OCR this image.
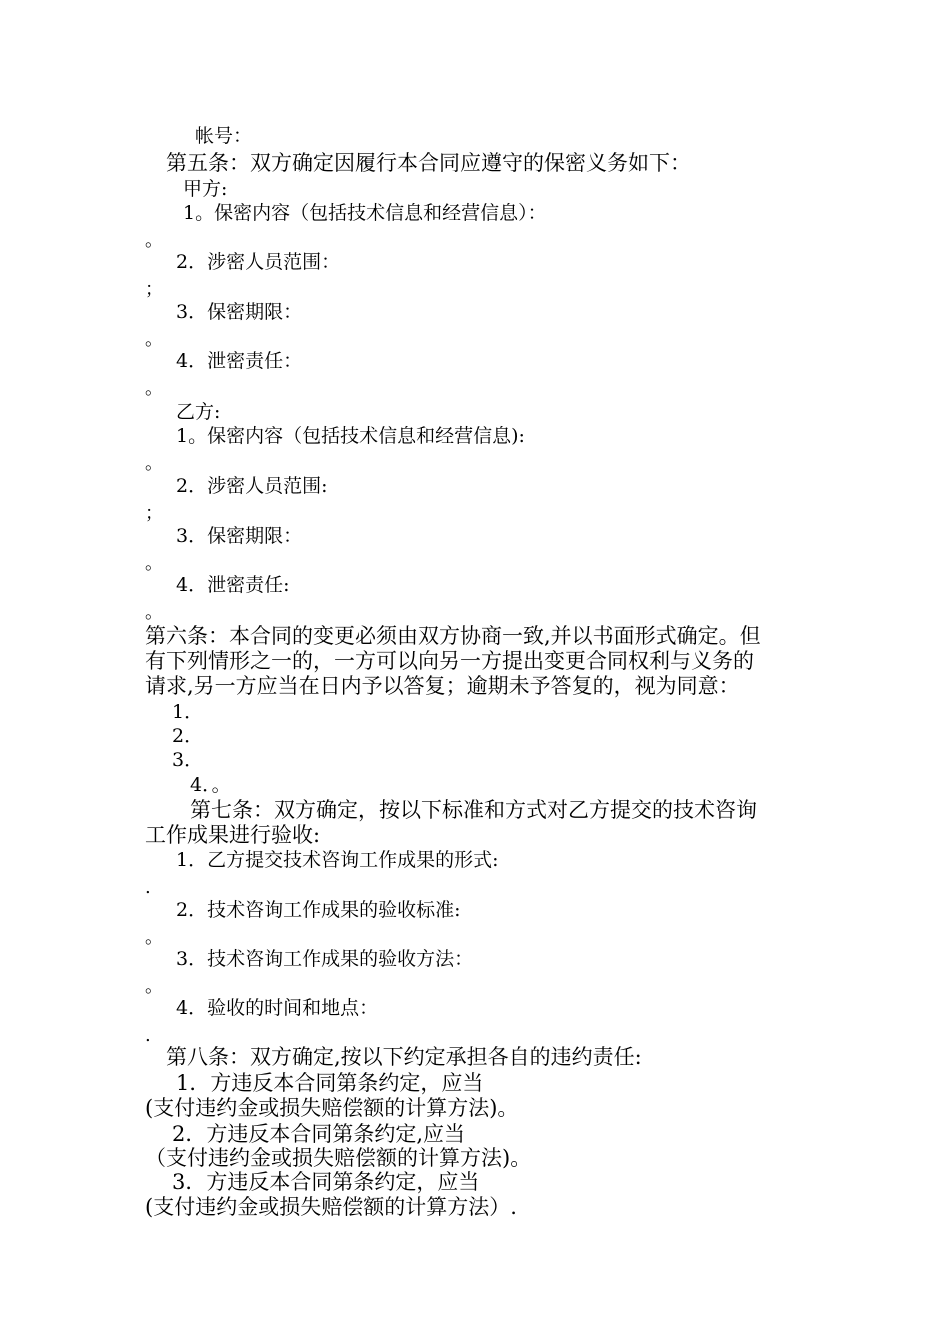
帐号：
第五条：双方确定因履行本合同应遵守的保密义务如下：
甲方:
1。保密内容（包括技术信息和经营信息）：
。
2．涉密人员范围：
；
3．保密期限：
。
4．泄密责任：
。
乙方:
1。保密内容（包括技术信息和经营信息):
。
2．涉密人员范围:
；
3．保密期限：
。
4．泄密责任:
。
第六条：本合同的变更必须由双方协商一致,并以书面形式确定。但
有下列情形之一的，一方可以向另一方提出变更合同权利与义务的
请求,另一方应当在日内予以答复；逾期未予答复的，视为同意：
1．
2．
3．
4．。
第七条：双方确定，按以下标准和方式对乙方提交的技术咨询
工作成果进行验收:
1．乙方提交技术咨询工作成果的形式:
.
2．技术咨询工作成果的验收标准:
。
3．技术咨询工作成果的验收方法：
。
4．验收的时间和地点：
.
第八条：双方确定,按以下约定承担各自的违约责任:
1．方违反本合同第条约定，应当
(支付违约金或损失赔偿额的计算方法)。
2．方违反本合同第条约定,应当
（支付违约金或损失赔偿额的计算方法)。
3．方违反本合同第条约定，应当
(支付违约金或损失赔偿额的计算方法）.
